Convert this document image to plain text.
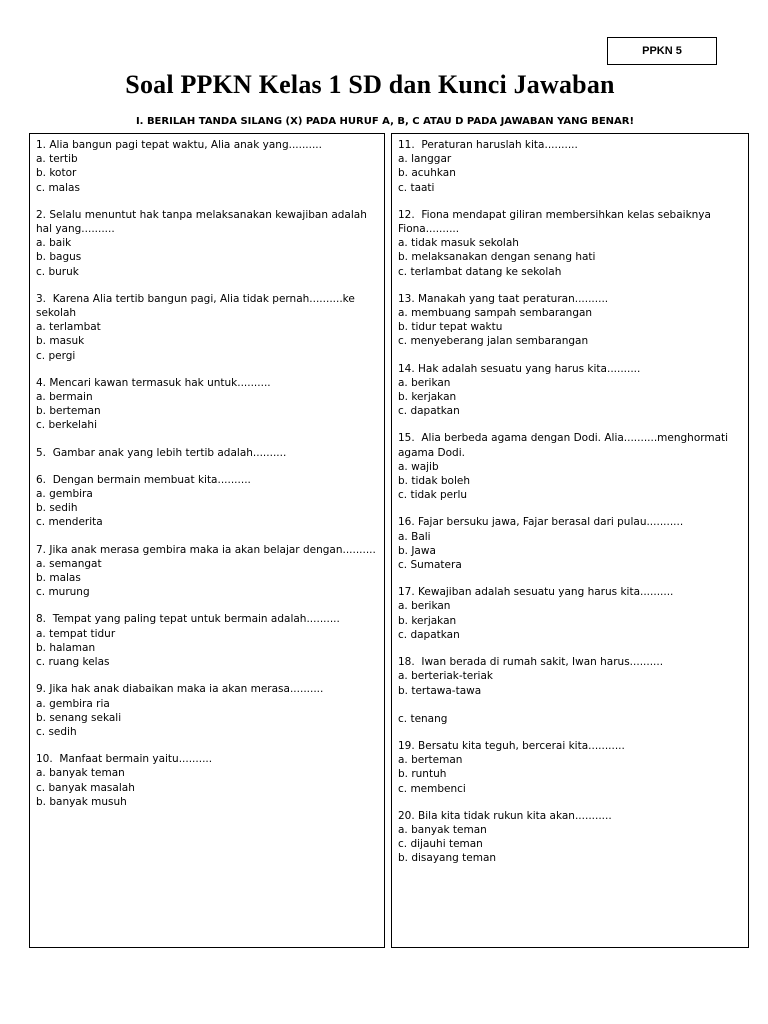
PPKN 5
Soal PPKN Kelas 1 SD dan Kunci Jawaban
I. BERILAH TANDA SILANG (X) PADA HURUF A, B, C ATAU D PADA JAWABAN YANG BENAR!
1. Alia bangun pagi tepat waktu, Alia anak yang..........
a. tertib
b. kotor
c. malas
2. Selalu menuntut hak tanpa melaksanakan kewajiban adalah hal yang..........
a. baik
b. bagus
c. buruk
3.  Karena Alia tertib bangun pagi, Alia tidak pernah..........ke sekolah
a. terlambat
b. masuk
c. pergi
4. Mencari kawan termasuk hak untuk..........
a. bermain
b. berteman
c. berkelahi
5.  Gambar anak yang lebih tertib adalah..........
6.  Dengan bermain membuat kita..........
a. gembira
b. sedih
c. menderita
7. Jika anak merasa gembira maka ia akan belajar dengan..........
a. semangat
b. malas
c. murung
8.  Tempat yang paling tepat untuk bermain adalah..........
a. tempat tidur
b. halaman
c. ruang kelas
9. Jika hak anak diabaikan maka ia akan merasa..........
a. gembira ria
b. senang sekali
c. sedih
10.  Manfaat bermain yaitu..........
a. banyak teman
c. banyak masalah
b. banyak musuh
11.  Peraturan haruslah kita..........
a. langgar
b. acuhkan
c. taati
12.  Fiona mendapat giliran membersihkan kelas sebaiknya Fiona..........
a. tidak masuk sekolah
b. melaksanakan dengan senang hati
c. terlambat datang ke sekolah
13. Manakah yang taat peraturan..........
a. membuang sampah sembarangan
b. tidur tepat waktu
c. menyeberang jalan sembarangan
14. Hak adalah sesuatu yang harus kita..........
a. berikan
b. kerjakan
c. dapatkan
15.  Alia berbeda agama dengan Dodi. Alia..........menghormati agama Dodi.
a. wajib
b. tidak boleh
c. tidak perlu
16. Fajar bersuku jawa, Fajar berasal dari pulau...........
a. Bali
b. Jawa
c. Sumatera
17. Kewajiban adalah sesuatu yang harus kita..........
a. berikan
b. kerjakan
c. dapatkan
18.  Iwan berada di rumah sakit, Iwan harus..........
a. berteriak-teriak
b. tertawa-tawa
c. tenang
19. Bersatu kita teguh, bercerai kita...........
a. berteman
b. runtuh
c. membenci
20. Bila kita tidak rukun kita akan...........
a. banyak teman
c. dijauhi teman
b. disayang teman
